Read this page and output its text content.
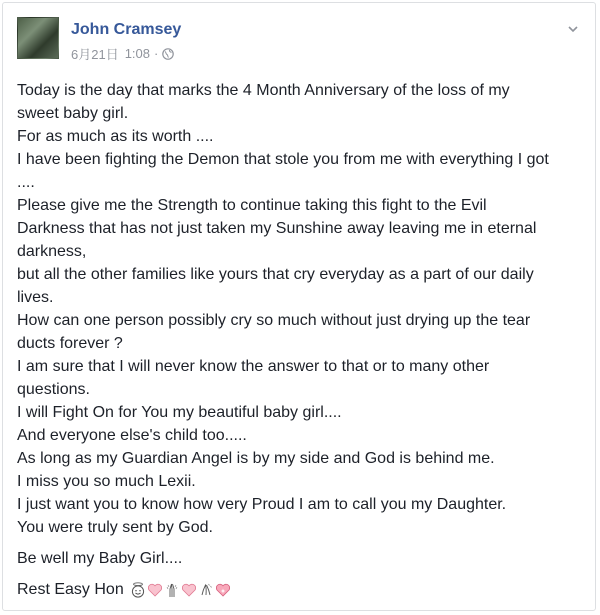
John Cramsey
6月21日 1:08 ·
Today is the day that marks the 4 Month Anniversary of the loss of my
sweet baby girl.
For as much as its worth ....
I have been fighting the Demon that stole you from me with everything I got
....
Please give me the Strength to continue taking this fight to the Evil
Darkness that has not just taken my Sunshine away leaving me in eternal
darkness,
but all the other families like yours that cry everyday as a part of our daily
lives.
How can one person possibly cry so much without just drying up the tear
ducts forever ?
I am sure that I will never know the answer to that or to many other
questions.
I will Fight On for You my beautiful baby girl....
And everyone else's child too.....
As long as my Guardian Angel is by my side and God is behind me.
I miss you so much Lexii.
I just want you to know how very Proud I am to call you my Daughter.
You were truly sent by God.
Be well my Baby Girl....
Rest Easy Hon
